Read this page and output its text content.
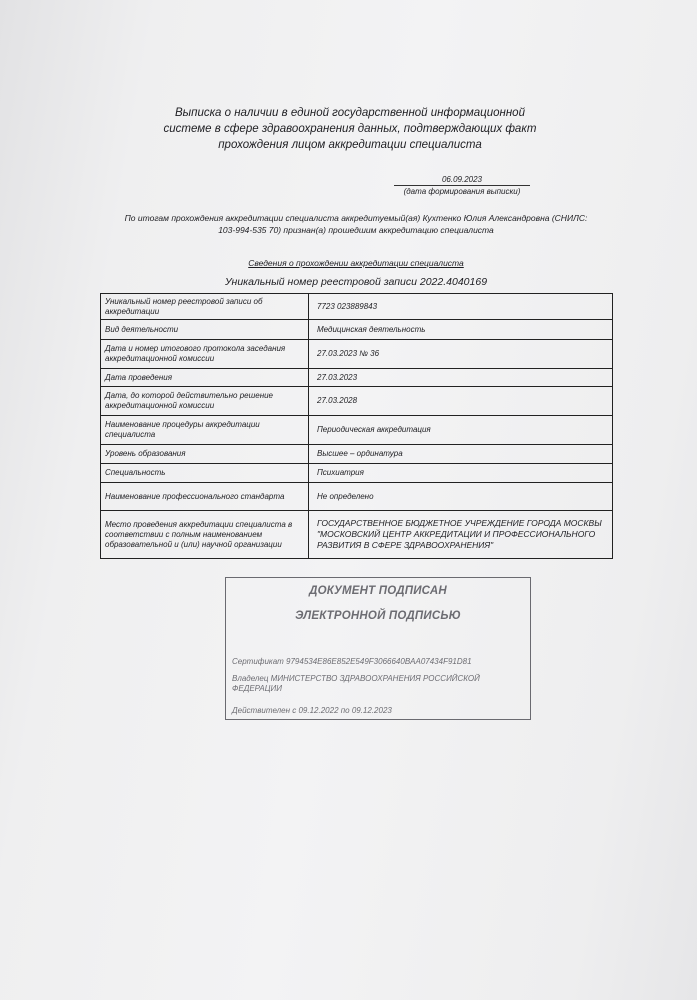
Выписка о наличии в единой государственной информационной
системе в сфере здравоохранения данных, подтверждающих факт
прохождения лицом аккредитации специалиста
06.09.2023
(дата формирования выписки)
По итогам прохождения аккредитации специалиста аккредитуемый(ая) Кухтенко Юлия Александровна (СНИЛС:
103-994-535 70) признан(а) прошедшим аккредитацию специалиста
Сведения о прохождении аккредитации специалиста
Уникальный номер реестровой записи 2022.4040169
Уникальный номер реестровой записи об аккредитации	7723 023889843
Вид деятельности	Медицинская деятельность
Дата и номер итогового протокола заседания аккредитационной комиссии	27.03.2023 № 36
Дата проведения	27.03.2023
Дата, до которой действительно решение аккредитационной комиссии	27.03.2028
Наименование процедуры аккредитации специалиста	Периодическая аккредитация
Уровень образования	Высшее – ординатура
Специальность	Психиатрия
Наименование профессионального стандарта	Не определено
Место проведения аккредитации специалиста в соответствии с полным наименованием образовательной и (или) научной организации	ГОСУДАРСТВЕННОЕ БЮДЖЕТНОЕ УЧРЕЖДЕНИЕ ГОРОДА МОСКВЫ "МОСКОВСКИЙ ЦЕНТР АККРЕДИТАЦИИ И ПРОФЕССИОНАЛЬНОГО РАЗВИТИЯ В СФЕРЕ ЗДРАВООХРАНЕНИЯ"
ДОКУМЕНТ ПОДПИСАН
ЭЛЕКТРОННОЙ ПОДПИСЬЮ
Сертификат 9794534E86E852E549F3066640BAA07434F91D81
Владелец МИНИСТЕРСТВО ЗДРАВООХРАНЕНИЯ РОССИЙСКОЙ ФЕДЕРАЦИИ
Действителен с 09.12.2022 по 09.12.2023
